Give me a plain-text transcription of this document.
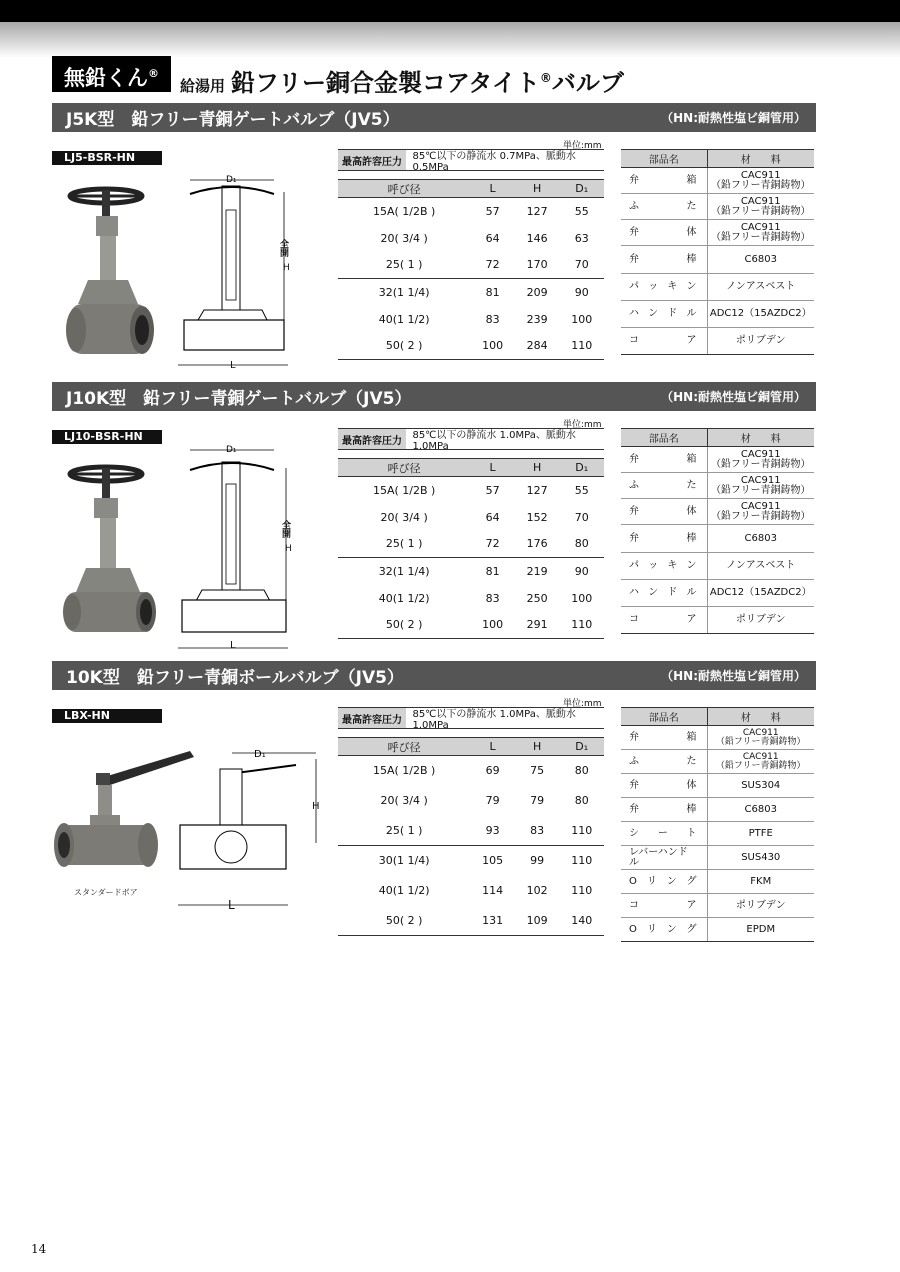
無鉛くん®
給湯用 鉛フリー銅合金製コアタイト®バルブ
J5K型　鉛フリー青銅ゲートバルブ（JV5）	（HN:耐熱性塩ビ銅管用）
LJ5-BSR-HN
D₁
全開
H
L
単位:mm
最高許容圧力	85℃以下の静流水 0.7MPa、脈動水 0.5MPa
呼び径	L	H	D₁
15A( 1/2B )	57	127	55
20( 3/4 )	64	146	63
25( 1 )	72	170	70
32(1 1/4)	81	209	90
40(1 1/2)	83	239	100
50( 2 )	100	284	110
部品名	材　　料
弁箱	CAC911
（鉛フリー青銅鋳物）
ふた	CAC911
（鉛フリー青銅鋳物）
弁体	CAC911
（鉛フリー青銅鋳物）
弁棒	C6803
パッキン	ノンアスベスト
ハンドル	ADC12（15AZDC2）
コア	ポリブデン
J10K型　鉛フリー青銅ゲートバルブ（JV5）	（HN:耐熱性塩ビ銅管用）
LJ10-BSR-HN
D₁
全開
H
L
単位:mm
最高許容圧力	85℃以下の静流水 1.0MPa、脈動水 1.0MPa
呼び径	L	H	D₁
15A( 1/2B )	57	127	55
20( 3/4 )	64	152	70
25( 1 )	72	176	80
32(1 1/4)	81	219	90
40(1 1/2)	83	250	100
50( 2 )	100	291	110
部品名	材　　料
弁箱	CAC911
（鉛フリー青銅鋳物）
ふた	CAC911
（鉛フリー青銅鋳物）
弁体	CAC911
（鉛フリー青銅鋳物）
弁棒	C6803
パッキン	ノンアスベスト
ハンドル	ADC12（15AZDC2）
コア	ポリブデン
10K型　鉛フリー青銅ボールバルブ（JV5）	（HN:耐熱性塩ビ銅管用）
LBX-HN
スタンダードボア
D₁
H
L
単位:mm
最高許容圧力	85℃以下の静流水 1.0MPa、脈動水 1.0MPa
呼び径	L	H	D₁
15A( 1/2B )	69	75	80
20( 3/4 )	79	79	80
25( 1 )	93	83	110
30(1 1/4)	105	99	110
40(1 1/2)	114	102	110
50( 2 )	131	109	140
部品名	材　　料
弁箱	CAC911
（鉛フリー青銅鋳物）
ふた	CAC911
（鉛フリー青銅鋳物）
弁体	SUS304
弁棒	C6803
シート	PTFE
レバーハンドル	SUS430
Oリング	FKM
コア	ポリブデン
Oリング	EPDM
14
